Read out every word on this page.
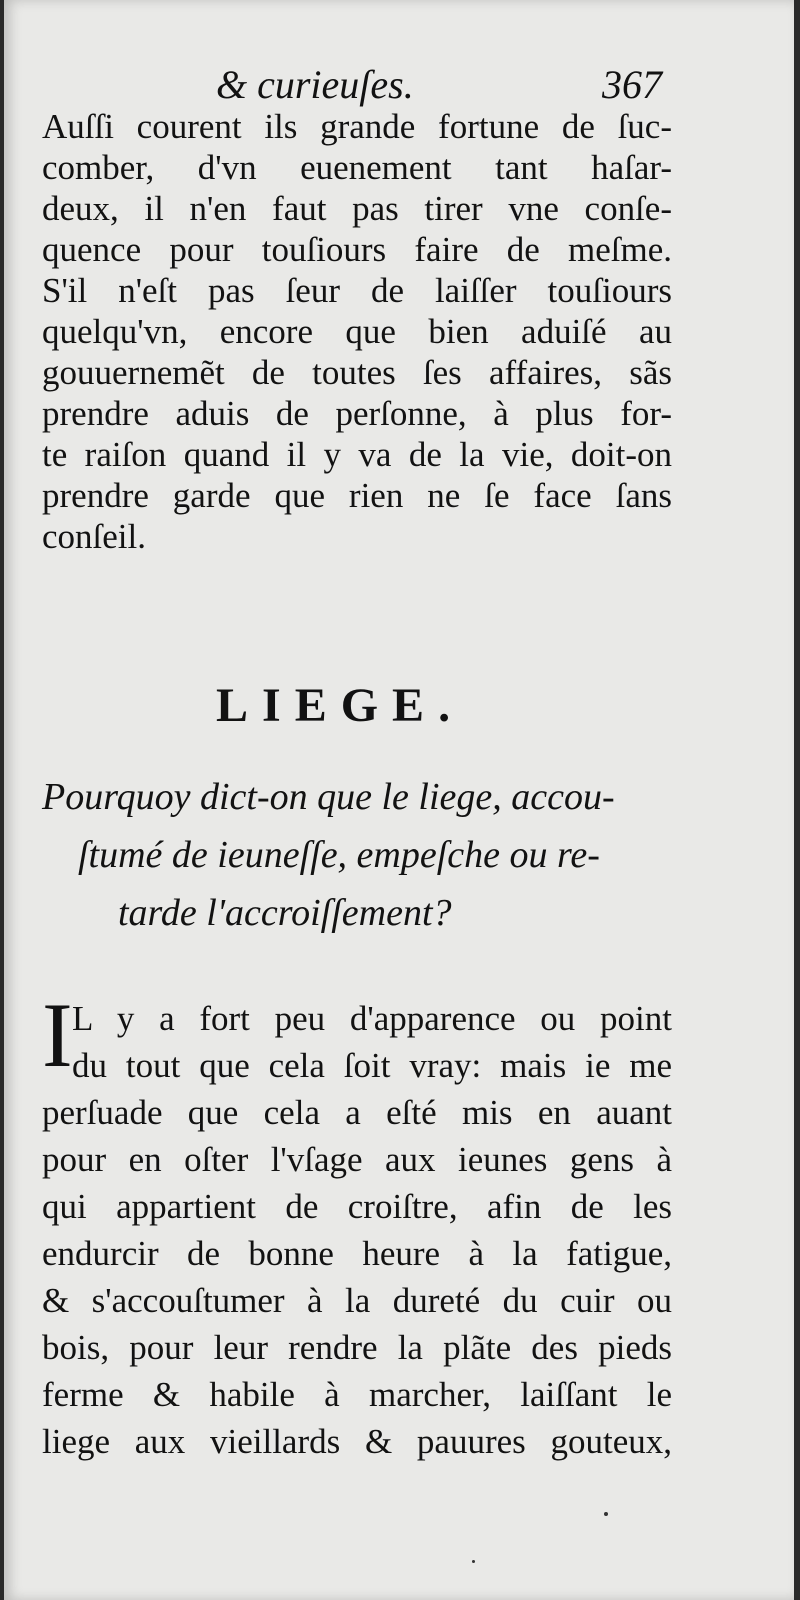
& curieuſes.	367
Auſſi courent ils grande fortune de ſuc-
comber, d'vn euenement tant haſar-
deux, il n'en faut pas tirer vne conſe-
quence pour touſiours faire de meſme.
S'il n'eſt pas ſeur de laiſſer touſiours
quelqu'vn, encore que bien aduiſé au
gouuernemẽt de toutes ſes affaires, sãs
prendre aduis de perſonne, à plus for-
te raiſon quand il y va de la vie, doit-on
prendre garde que rien ne ſe face ſans
conſeil.
LIEGE.
Pourquoy dict-on que le liege, accou-
ſtumé de ieuneſſe, empeſche ou re-
tarde l'accroiſſement?
I L y a fort peu d'apparence ou point
du tout que cela ſoit vray: mais ie me
perſuade que cela a eſté mis en auant
pour en oſter l'vſage aux ieunes gens à
qui appartient de croiſtre, afin de les
endurcir de bonne heure à la fatigue,
& s'accouſtumer à la dureté du cuir ou
bois, pour leur rendre la plãte des pieds
ferme & habile à marcher, laiſſant le
liege aux vieillards & pauures gouteux,
